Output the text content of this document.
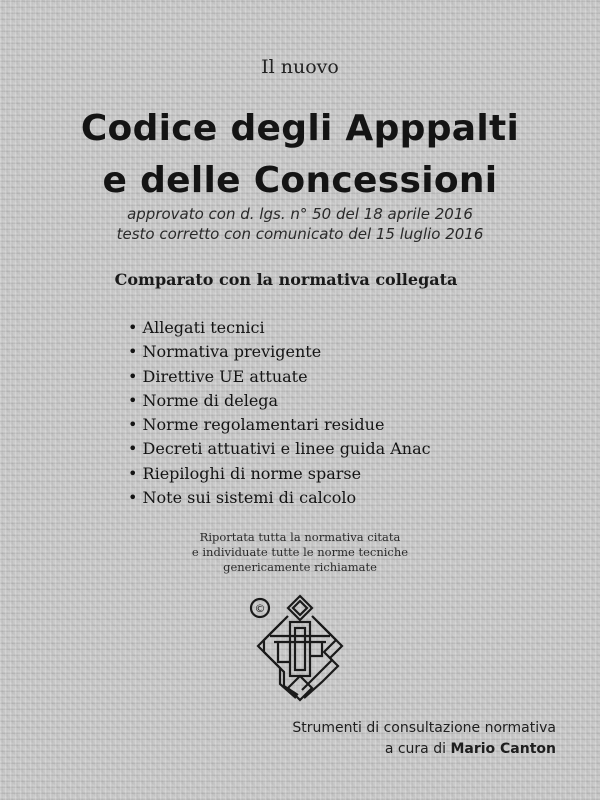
Il nuovo
Codice degli Apppalti
e delle Concessioni
approvato con d. lgs. n° 50 del 18 aprile 2016
testo corretto con comunicato del 15 luglio 2016
Comparato con la normativa collegata
• Allegati tecnici
• Normativa previgente
• Direttive UE attuate
• Norme di delega
• Norme regolamentari residue
• Decreti attuativi e linee guida Anac
• Riepiloghi di norme sparse
• Note sui sistemi di calcolo
Riportata tutta la normativa citata
e individuate tutte le norme tecniche
genericamente richiamate
©
Strumenti di consultazione normativa
a cura di Mario Canton
